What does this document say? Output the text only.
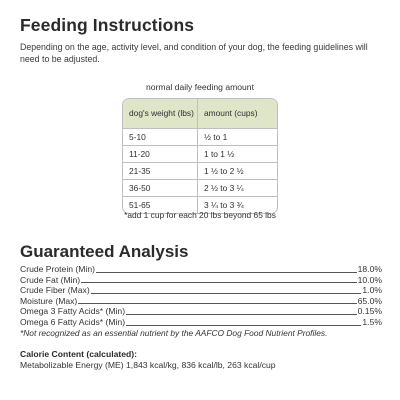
Feeding Instructions

Depending on the age, activity level, and condition of your dog, the feeding guidelines will need to be adjusted.

normal daily feeding amount
dog's weight (lbs)	amount (cups)
5-10	½ to 1
11-20	1 to 1 ½
21-35	1 ½ to 2 ½
36-50	2 ½ to 3 ¼
51-65	3 ¼ to 3 ¾
*add 1 cup for each 20 lbs beyond 65 lbs
Guaranteed Analysis
Crude Protein (Min)	18.0%
Crude Fat (Min)	10.0%
Crude Fiber (Max)	1.0%
Moisture (Max)	65.0%
Omega 3 Fatty Acids* (Min)	0.15%
Omega 6 Fatty Acids* (Min)	1.5%

*Not recognized as an essential nutrient by the AAFCO Dog Food Nutrient Profiles.

Calorie Content (calculated):

Metabolizable Energy (ME) 1,843 kcal/kg, 836 kcal/lb, 263 kcal/cup
